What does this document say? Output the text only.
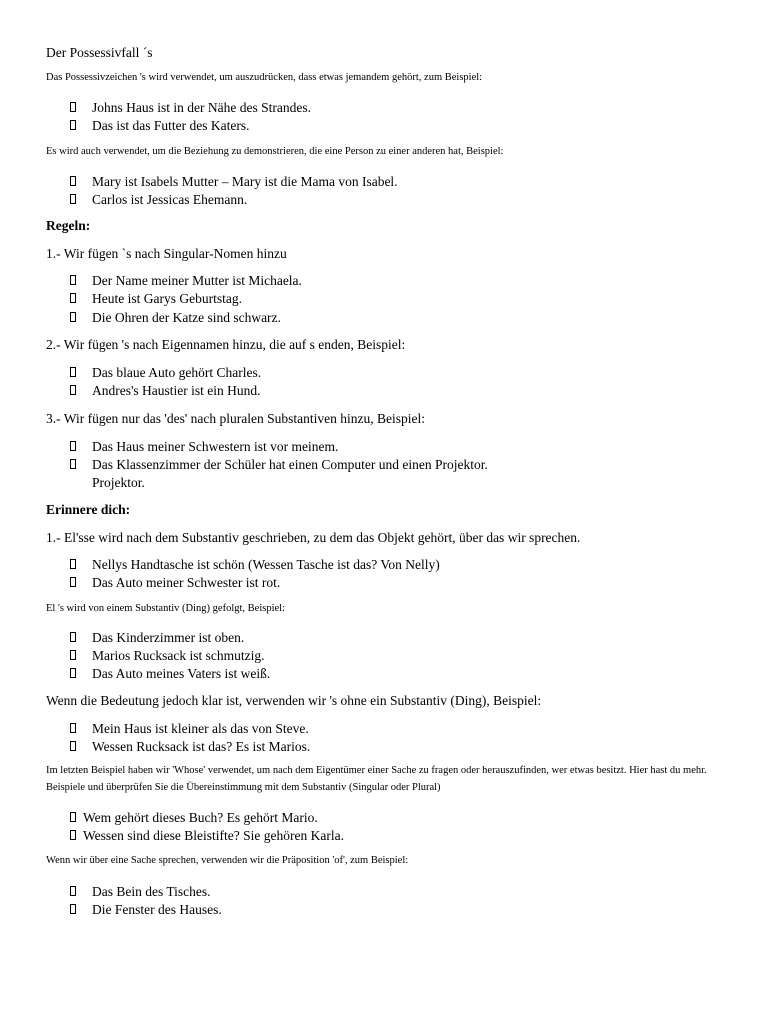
Der Possessivfall ´s
Das Possessivzeichen 's wird verwendet, um auszudrücken, dass etwas jemandem gehört, zum Beispiel:
Johns Haus ist in der Nähe des Strandes.
Das ist das Futter des Katers.
Es wird auch verwendet, um die Beziehung zu demonstrieren, die eine Person zu einer anderen hat, Beispiel:
Mary ist Isabels Mutter – Mary ist die Mama von Isabel.
Carlos ist Jessicas Ehemann.
Regeln:
1.- Wir fügen `s nach Singular-Nomen hinzu
Der Name meiner Mutter ist Michaela.
Heute ist Garys Geburtstag.
Die Ohren der Katze sind schwarz.
2.- Wir fügen 's nach Eigennamen hinzu, die auf s enden, Beispiel:
Das blaue Auto gehört Charles.
Andres's Haustier ist ein Hund.
3.- Wir fügen nur das 'des' nach pluralen Substantiven hinzu, Beispiel:
Das Haus meiner Schwestern ist vor meinem.
Das Klassenzimmer der Schüler hat einen Computer und einen Projektor.
Projektor.
Erinnere dich:
1.- El'sse wird nach dem Substantiv geschrieben, zu dem das Objekt gehört, über das wir sprechen.
Nellys Handtasche ist schön (Wessen Tasche ist das? Von Nelly)
Das Auto meiner Schwester ist rot.
El 's wird von einem Substantiv (Ding) gefolgt, Beispiel:
Das Kinderzimmer ist oben.
Marios Rucksack ist schmutzig.
Das Auto meines Vaters ist weiß.
Wenn die Bedeutung jedoch klar ist, verwenden wir 's ohne ein Substantiv (Ding), Beispiel:
Mein Haus ist kleiner als das von Steve.
Wessen Rucksack ist das? Es ist Marios.
Im letzten Beispiel haben wir 'Whose' verwendet, um nach dem Eigentümer einer Sache zu fragen oder herauszufinden, wer etwas besitzt. Hier hast du mehr.
Beispiele und überprüfen Sie die Übereinstimmung mit dem Substantiv (Singular oder Plural)
Wem gehört dieses Buch? Es gehört Mario.
Wessen sind diese Bleistifte? Sie gehören Karla.
Wenn wir über eine Sache sprechen, verwenden wir die Präposition 'of', zum Beispiel:
Das Bein des Tisches.
Die Fenster des Hauses.
